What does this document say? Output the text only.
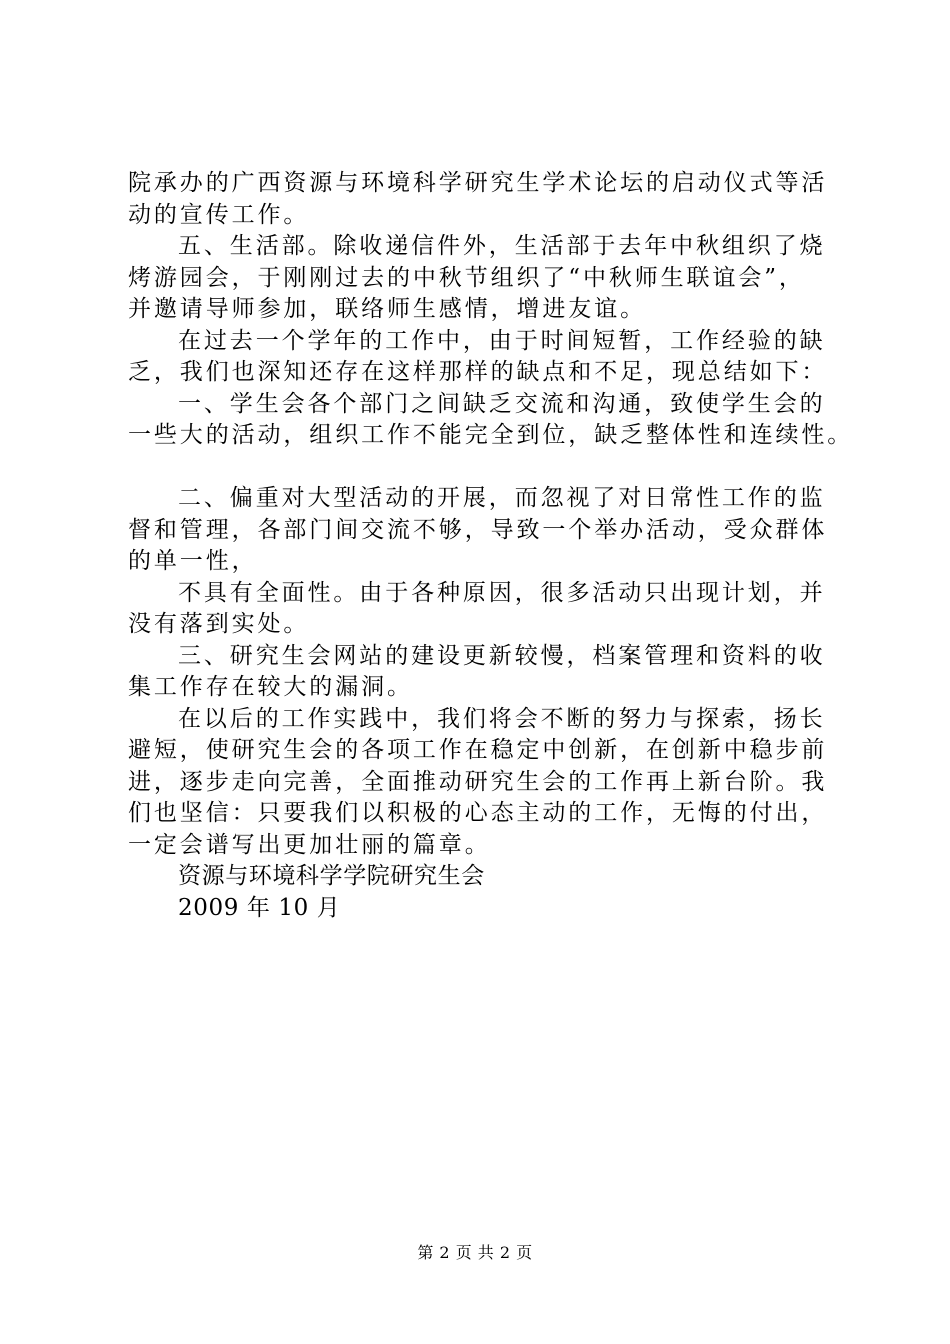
院承办的广西资源与环境科学研究生学术论坛的启动仪式等活
动的宣传工作。
五、生活部。除收递信件外，生活部于去年中秋组织了烧
烤游园会，于刚刚过去的中秋节组织了“中秋师生联谊会”，
并邀请导师参加，联络师生感情，增进友谊。
在过去一个学年的工作中，由于时间短暂，工作经验的缺
乏，我们也深知还存在这样那样的缺点和不足，现总结如下：
一、学生会各个部门之间缺乏交流和沟通，致使学生会的
一些大的活动，组织工作不能完全到位，缺乏整体性和连续性。
二、偏重对大型活动的开展，而忽视了对日常性工作的监
督和管理，各部门间交流不够，导致一个举办活动，受众群体
的单一性，
不具有全面性。由于各种原因，很多活动只出现计划，并
没有落到实处。
三、研究生会网站的建设更新较慢，档案管理和资料的收
集工作存在较大的漏洞。
在以后的工作实践中，我们将会不断的努力与探索，扬长
避短，使研究生会的各项工作在稳定中创新，在创新中稳步前
进，逐步走向完善，全面推动研究生会的工作再上新台阶。我
们也坚信：只要我们以积极的心态主动的工作，无悔的付出，
一定会谱写出更加壮丽的篇章。
资源与环境科学学院研究生会
2009 年 10 月
第 2 页 共 2 页
